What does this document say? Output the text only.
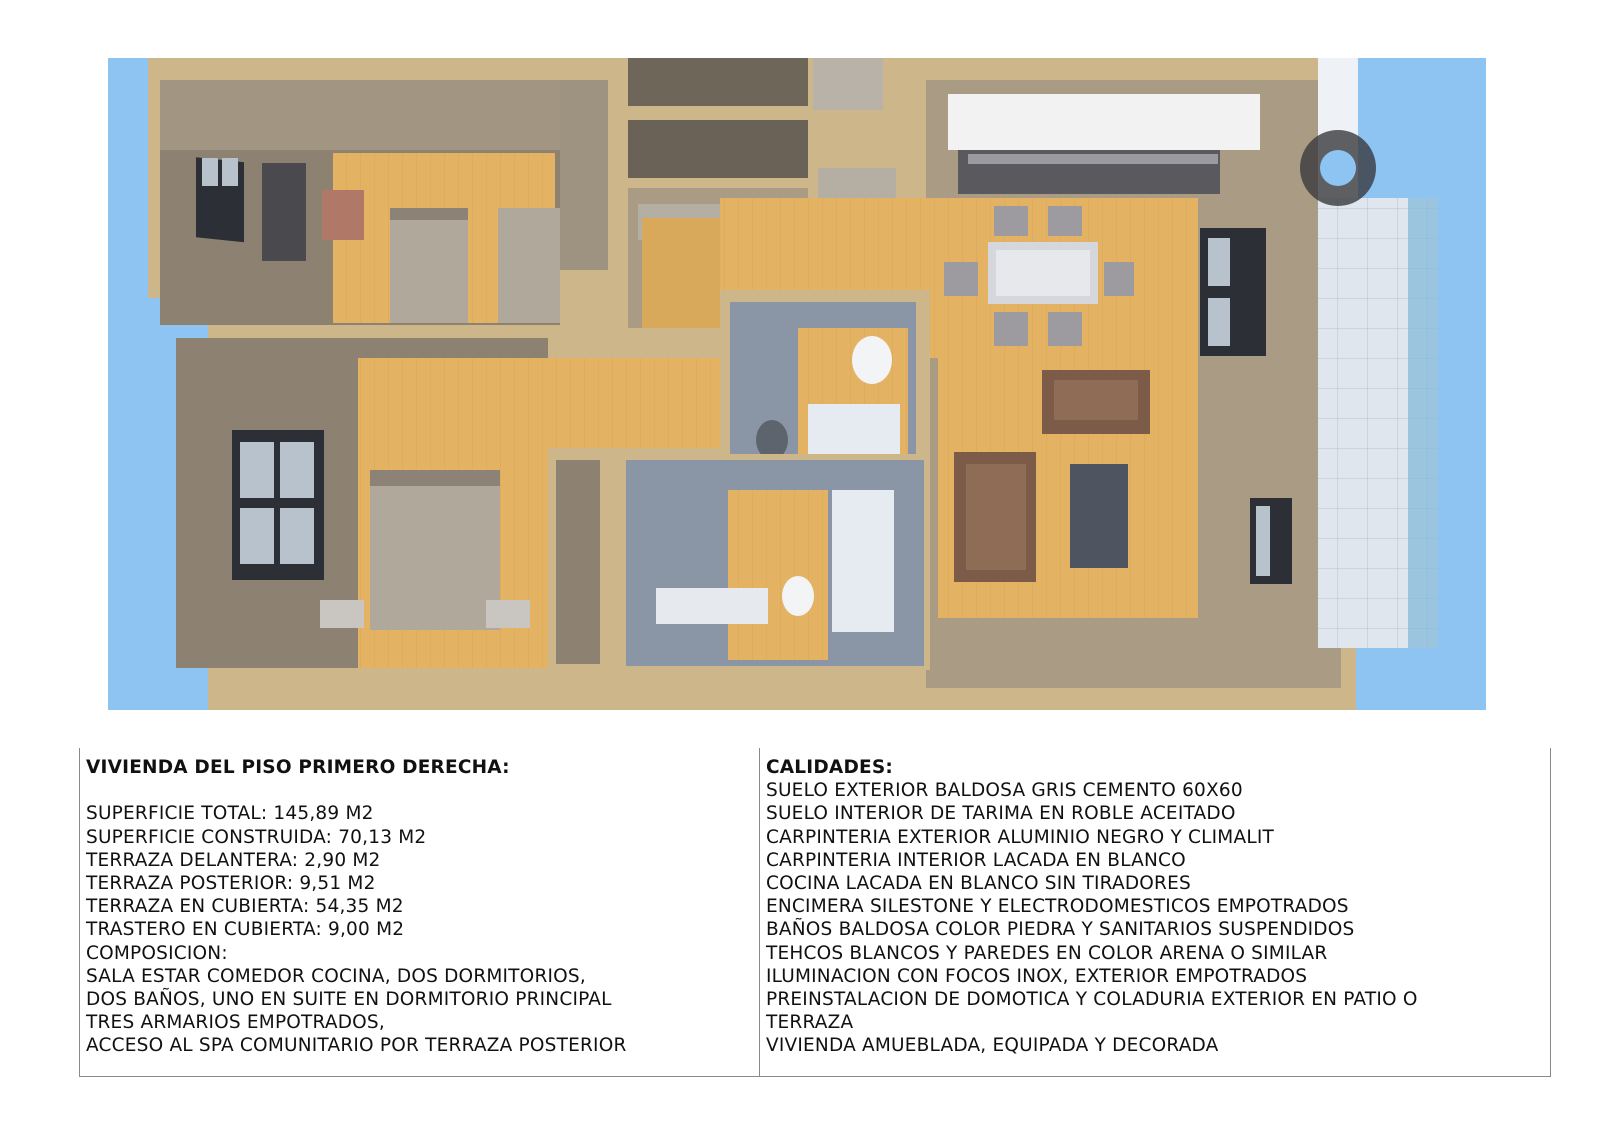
VIVIENDA DEL PISO PRIMERO DERECHA:
SUPERFICIE TOTAL: 145,89 M2
SUPERFICIE CONSTRUIDA: 70,13 M2
TERRAZA DELANTERA: 2,90 M2
TERRAZA POSTERIOR: 9,51 M2
TERRAZA EN CUBIERTA: 54,35 M2
TRASTERO EN CUBIERTA: 9,00 M2
COMPOSICION:
SALA ESTAR COMEDOR COCINA, DOS DORMITORIOS,
DOS BAÑOS, UNO EN SUITE EN DORMITORIO PRINCIPAL
TRES ARMARIOS EMPOTRADOS,
ACCESO AL SPA COMUNITARIO POR TERRAZA POSTERIOR
CALIDADES:
SUELO EXTERIOR BALDOSA GRIS CEMENTO 60X60
SUELO INTERIOR DE TARIMA EN ROBLE ACEITADO
CARPINTERIA EXTERIOR ALUMINIO NEGRO Y CLIMALIT
CARPINTERIA INTERIOR LACADA EN BLANCO
COCINA LACADA EN BLANCO SIN TIRADORES
ENCIMERA SILESTONE Y ELECTRODOMESTICOS EMPOTRADOS
BAÑOS BALDOSA COLOR PIEDRA Y SANITARIOS SUSPENDIDOS
TEHCOS BLANCOS Y PAREDES EN COLOR ARENA O SIMILAR
ILUMINACION CON FOCOS INOX, EXTERIOR EMPOTRADOS
PREINSTALACION DE DOMOTICA Y COLADURIA EXTERIOR EN PATIO O
TERRAZA
VIVIENDA AMUEBLADA, EQUIPADA Y DECORADA
